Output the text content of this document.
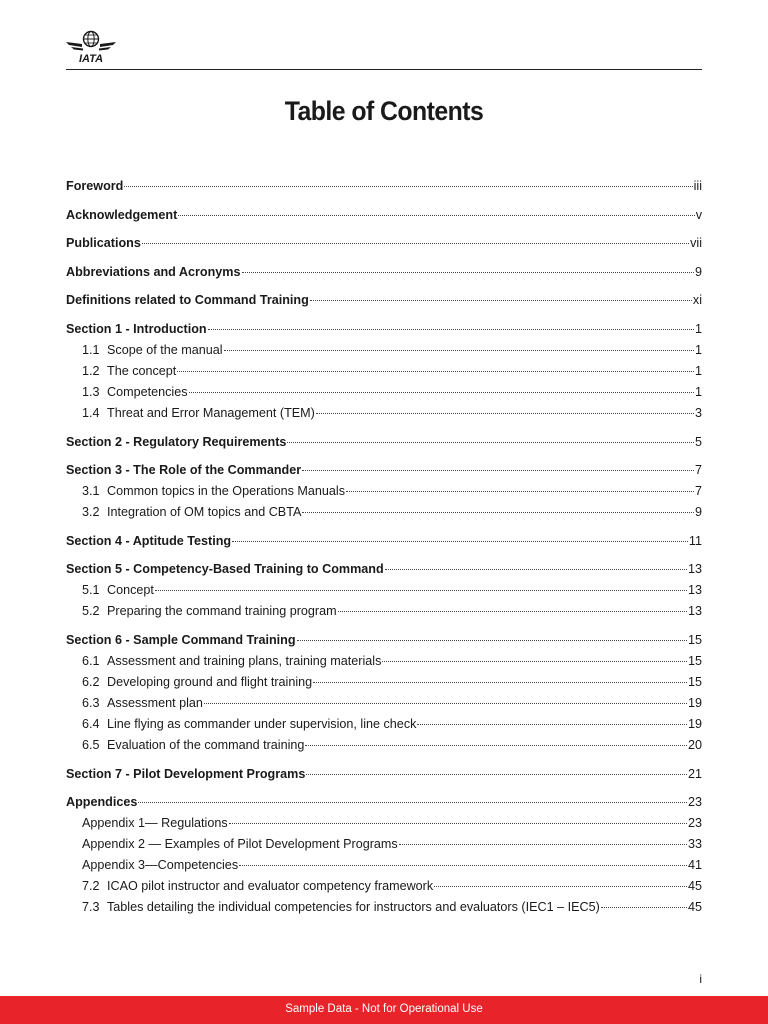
IATA
Table of Contents
Foreword	iii
Acknowledgement	v
Publications	vii
Abbreviations and Acronyms	9
Definitions related to Command Training	xi
Section 1 - Introduction	1
1.1 Scope of the manual	1
1.2 The concept	1
1.3 Competencies	1
1.4 Threat and Error Management (TEM)	3
Section 2 - Regulatory Requirements	5
Section 3 - The Role of the Commander	7
3.1 Common topics in the Operations Manuals	7
3.2 Integration of OM topics and CBTA	9
Section 4 - Aptitude Testing	11
Section 5 - Competency-Based Training to Command	13
5.1 Concept	13
5.2 Preparing the command training program	13
Section 6 - Sample Command Training	15
6.1 Assessment and training plans, training materials	15
6.2 Developing ground and flight training	15
6.3 Assessment plan	19
6.4 Line flying as commander under supervision, line check	19
6.5 Evaluation of the command training	20
Section 7 - Pilot Development Programs	21
Appendices	23
Appendix 1— Regulations	23
Appendix 2 — Examples of Pilot Development Programs	33
Appendix 3—Competencies	41
7.2 ICAO pilot instructor and evaluator competency framework	45
7.3 Tables detailing the individual competencies for instructors and evaluators (IEC1 – IEC5)	45
i
Sample Data - Not for Operational Use
